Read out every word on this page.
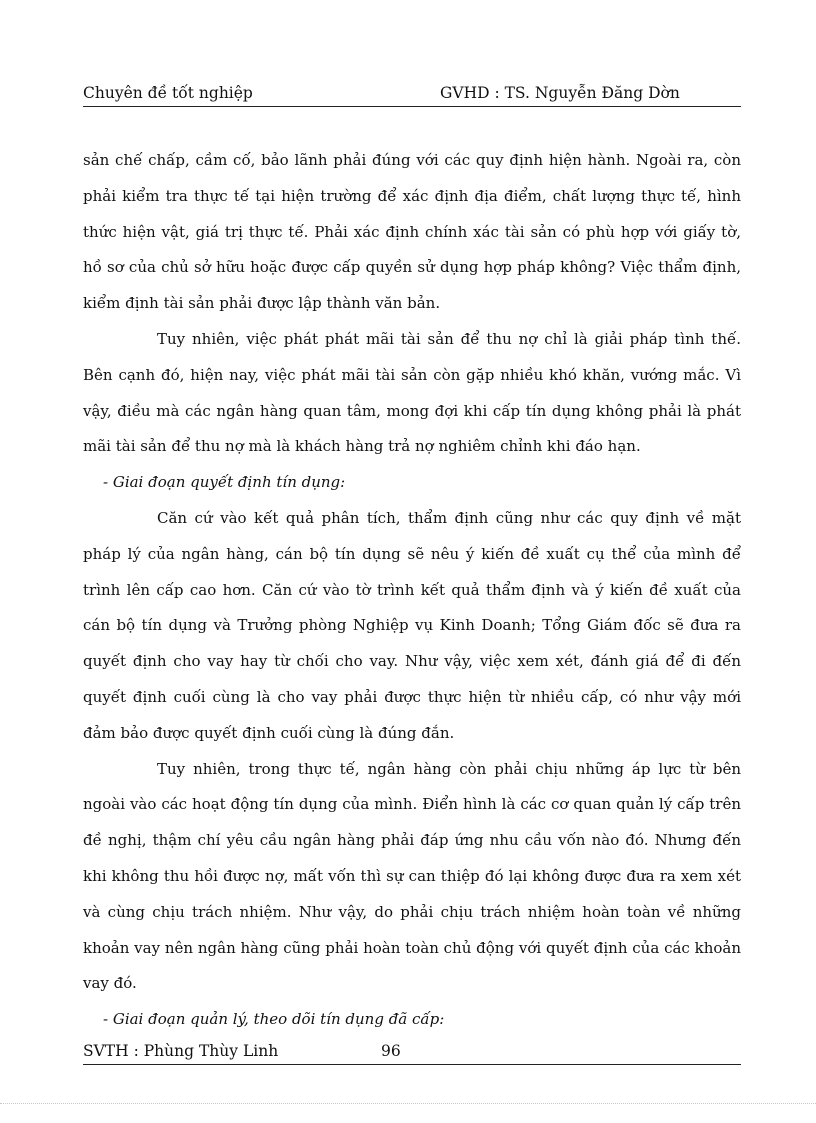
Chuyên đề tốt nghiệp	GVHD : TS. Nguyễn Đăng Dờn

sản chế chấp, cầm cố, bảo lãnh phải đúng với các quy định hiện hành. Ngoài ra, còn phải kiểm tra thực tế tại hiện trường để xác định địa điểm, chất lượng thực tế, hình thức hiện vật, giá trị thực tế. Phải xác định chính xác tài sản có phù hợp với giấy tờ, hồ sơ của chủ sở hữu hoặc được cấp quyền sử dụng hợp pháp không? Việc thẩm định, kiểm định tài sản phải được lập thành văn bản.

Tuy nhiên, việc phát phát mãi tài sản để thu nợ chỉ là giải pháp tình thế. Bên cạnh đó, hiện nay, việc phát mãi tài sản còn gặp nhiều khó khăn, vướng mắc. Vì vậy, điều mà các ngân hàng quan tâm, mong đợi khi cấp tín dụng không phải là phát mãi tài sản để thu nợ mà là khách hàng trả nợ nghiêm chỉnh khi đáo hạn.

- Giai đoạn quyết định tín dụng:

Căn cứ vào kết quả phân tích, thẩm định cũng như các quy định về mặt pháp lý của ngân hàng, cán bộ tín dụng sẽ nêu ý kiến đề xuất cụ thể của mình để trình lên cấp cao hơn. Căn cứ vào tờ trình kết quả thẩm định và ý kiến đề xuất của cán bộ tín dụng và Trưởng phòng Nghiệp vụ Kinh Doanh; Tổng Giám đốc sẽ đưa ra quyết định cho vay hay từ chối cho vay. Như vậy, việc xem xét, đánh giá để đi đến quyết định cuối cùng là cho vay phải được thực hiện từ nhiều cấp, có như vậy mới đảm bảo được quyết định cuối cùng là đúng đắn.

Tuy nhiên, trong thực tế, ngân hàng còn phải chịu những áp lực từ bên ngoài vào các hoạt động tín dụng của mình. Điển hình là các cơ quan quản lý cấp trên đề nghị, thậm chí yêu cầu ngân hàng phải đáp ứng nhu cầu vốn nào đó. Nhưng đến khi không thu hồi được nợ, mất vốn thì sự can thiệp đó lại không được đưa ra xem xét và cùng chịu trách nhiệm. Như vậy, do phải chịu trách nhiệm hoàn toàn về những khoản vay nên ngân hàng cũng phải hoàn toàn chủ động với quyết định của các khoản vay đó.

- Giai đoạn quản lý, theo dõi tín dụng đã cấp:

SVTH : Phùng Thùy Linh	96
